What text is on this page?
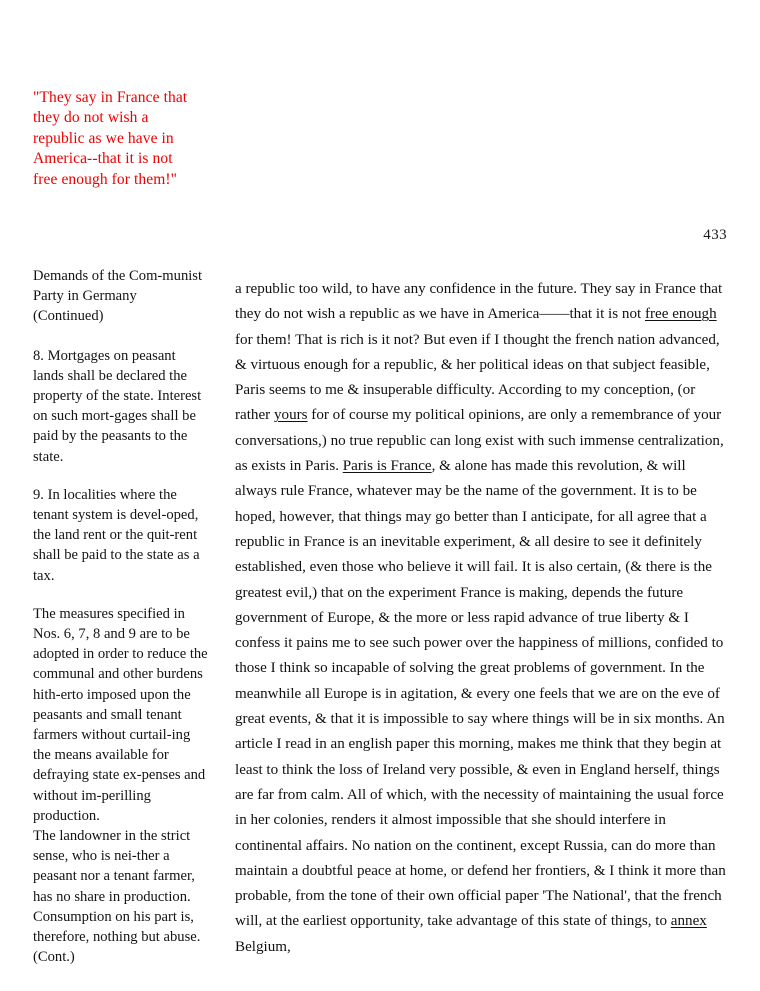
"They say in France that they do not wish a republic as we have in America--that it is not free enough for them!"
433

Demands of the Com-munist Party in Germany (Continued)

8. Mortgages on peasant lands shall be declared the property of the state. Interest on such mort-gages shall be paid by the peasants to the state.

9. In localities where the tenant system is devel-oped, the land rent or the quit-rent shall be paid to the state as a tax.

The measures specified in Nos. 6, 7, 8 and 9 are to be adopted in order to reduce the communal and other burdens hith-erto imposed upon the peasants and small tenant farmers without curtail-ing the means available for defraying state ex-penses and without im-perilling production.

The landowner in the strict sense, who is nei-ther a peasant nor a tenant farmer, has no share in production. Consumption on his part is, therefore, nothing but abuse. (Cont.)

a republic too wild, to have any confidence in the future. They say in France that they do not wish a republic as we have in America——that it is not free enough for them! That is rich is it not? But even if I thought the french nation advanced, & virtuous enough for a republic, & her political ideas on that subject feasible, Paris seems to me & insuperable difficulty. According to my conception, (or rather yours for of course my political opinions, are only a remembrance of your conversations,) no true republic can long exist with such immense centralization, as exists in Paris. Paris is France, & alone has made this revolution, & will always rule France, whatever may be the name of the government. It is to be hoped, however, that things may go better than I anticipate, for all agree that a republic in France is an inevitable experiment, & all desire to see it definitely established, even those who believe it will fail. It is also certain, (& there is the greatest evil,) that on the experiment France is making, depends the future government of Europe, & the more or less rapid advance of true liberty & I confess it pains me to see such power over the happiness of millions, confided to those I think so incapable of solving the great problems of government. In the meanwhile all Europe is in agitation, & every one feels that we are on the eve of great events, & that it is impossible to say where things will be in six months. An article I read in an english paper this morning, makes me think that they begin at least to think the loss of Ireland very possible, & even in England herself, things are far from calm. All of which, with the necessity of maintaining the usual force in her colonies, renders it almost impossible that she should interfere in continental affairs. No nation on the continent, except Russia, can do more than maintain a doubtful peace at home, or defend her frontiers, & I think it more than probable, from the tone of their own official paper 'The National', that the french will, at the earliest opportunity, take advantage of this state of things, to annex Belgium,
